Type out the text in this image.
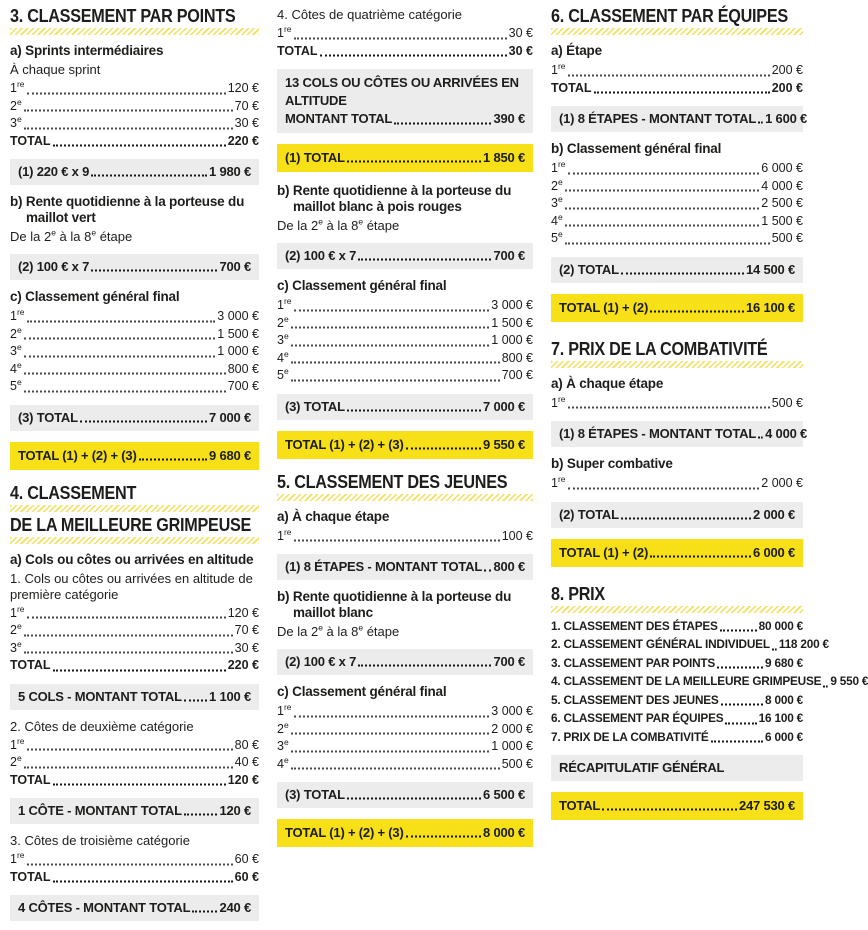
3. CLASSEMENT PAR POINTS
a) Sprints intermédiaires
À chaque sprint
1re	120 €
2e	70 €
3e	30 €
TOTAL	220 €
(1) 220 € x 9	1 980 €
b) Rente quotidienne à la porteuse du maillot vert
De la 2e à la 8e étape
(2) 100 € x 7	700 €
c) Classement général final
1re	3 000 €
2e	1 500 €
3e	1 000 €
4e	800 €
5e	700 €
(3) TOTAL	7 000 €
TOTAL (1) + (2) + (3)	9 680 €
4. CLASSEMENT
DE LA MEILLEURE GRIMPEUSE
a) Cols ou côtes ou arrivées en altitude
1. Cols ou côtes ou arrivées en altitude de première catégorie
1re	120 €
2e	70 €
3e	30 €
TOTAL	220 €
5 COLS - MONTANT TOTAL 1 100 €
2. Côtes de deuxième catégorie
1re	80 €
2e	40 €
TOTAL	120 €
1 CÔTE - MONTANT TOTAL	120 €
3. Côtes de troisième catégorie
1re	60 €
TOTAL	60 €
4 CÔTES - MONTANT TOTAL 240 €
4. Côtes de quatrième catégorie
1re	30 €
TOTAL	30 €
13 COLS OU CÔTES OU ARRIVÉES EN ALTITUDE
MONTANT TOTAL	390 €
(1) TOTAL	1 850 €
b) Rente quotidienne à la porteuse du maillot blanc à pois rouges
De la 2e à la 8e étape
(2) 100 € x 7	700 €
c) Classement général final
1re	3 000 €
2e	1 500 €
3e	1 000 €
4e	800 €
5e	700 €
(3) TOTAL	7 000 €
TOTAL (1) + (2) + (3)	9 550 €
5. CLASSEMENT DES JEUNES
a) À chaque étape
1re	100 €
(1) 8 ÉTAPES - MONTANT TOTAL 800 €
b) Rente quotidienne à la porteuse du maillot blanc
De la 2e à la 8e étape
(2) 100 € x 7	700 €
c) Classement général final
1re	3 000 €
2e	2 000 €
3e	1 000 €
4e	500 €
(3) TOTAL	6 500 €
TOTAL (1) + (2) + (3)	8 000 €
6. CLASSEMENT PAR ÉQUIPES
a) Étape
1re	200 €
TOTAL	200 €
(1) 8 ÉTAPES - MONTANT TOTAL 1 600 €
b) Classement général final
1re	6 000 €
2e	4 000 €
3e	2 500 €
4e	1 500 €
5e	500 €
(2) TOTAL	14 500 €
TOTAL (1) + (2)	16 100 €
7. PRIX DE LA COMBATIVITÉ
a) À chaque étape
1re	500 €
(1) 8 ÉTAPES - MONTANT TOTAL 4 000 €
b) Super combative
1re	2 000 €
(2) TOTAL	2 000 €
TOTAL (1) + (2)	6 000 €
8. PRIX
1. CLASSEMENT DES ÉTAPES	80 000 €
2. CLASSEMENT GÉNÉRAL INDIVIDUEL 118 200 €
3. CLASSEMENT PAR POINTS	9 680 €
4. CLASSEMENT DE LA MEILLEURE GRIMPEUSE 9 550 €
5. CLASSEMENT DES JEUNES	8 000 €
6. CLASSEMENT PAR ÉQUIPES	16 100 €
7. PRIX DE LA COMBATIVITÉ	6 000 €
RÉCAPITULATIF GÉNÉRAL
TOTAL	247 530 €
